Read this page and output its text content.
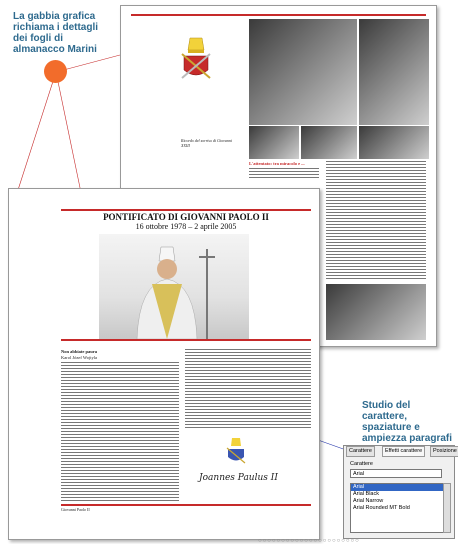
La gabbia grafica richiama i dettagli dei fogli di almanacco Marini
Ricordo del sorriso di Giovanni XXIII
L'attentato: tra miracolo e ...
PONTIFICATO DI GIOVANNI PAOLO II
16 ottobre 1978 – 2 aprile 2005
Non abbiate paura
Karol Józef Wojtyla
Joannes Paulus II
Giovanni Paolo II
Studio del carattere, spaziature e ampiezza paragrafi
Carattere	Effetti carattere	Posizione
Carattere
Arial
Arial
Arial Black
Arial Narrow
Arial Rounded MT Bold
○○○○○○○○○○○○○○○○○○○○○○
